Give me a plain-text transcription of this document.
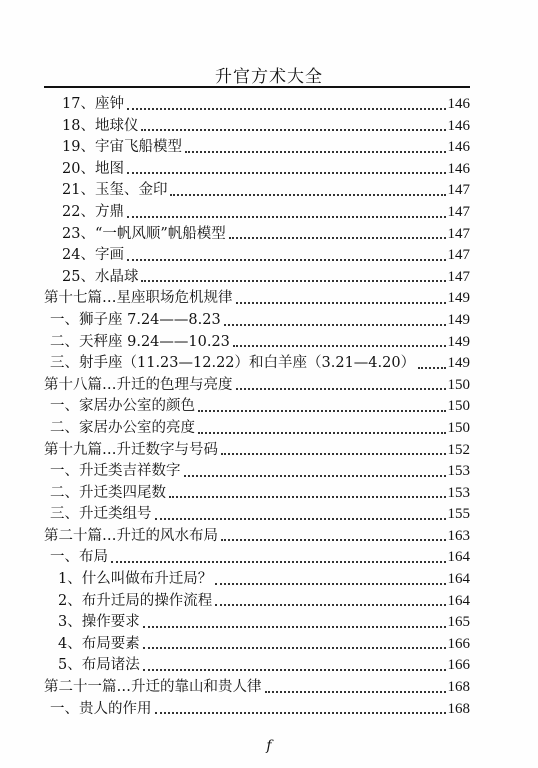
升官方术大全
17、座钟	146
18、地球仪	146
19、宇宙飞船模型	146
20、地图	146
21、玉玺、金印	147
22、方鼎	147
23、“一帆风顺”帆船模型	147
24、字画	147
25、水晶球	147
第十七篇…星座职场危机规律	149
一、狮子座 7.24——8.23	149
二、天秤座 9.24——10.23	149
三、射手座（11.23—12.22）和白羊座（3.21—4.20） 149
第十八篇…升迁的色理与亮度	150
一、家居办公室的颜色	150
二、家居办公室的亮度	150
第十九篇…升迁数字与号码	152
一、升迁类吉祥数字	153
二、升迁类四尾数	153
三、升迁类组号	155
第二十篇…升迁的风水布局	163
一、布局	164
1、什么叫做布升迁局？	164
2、布升迁局的操作流程	164
3、操作要求	165
4、布局要素	166
5、布局诸法	166
第二十一篇…升迁的靠山和贵人律	168
一、贵人的作用	168
f
